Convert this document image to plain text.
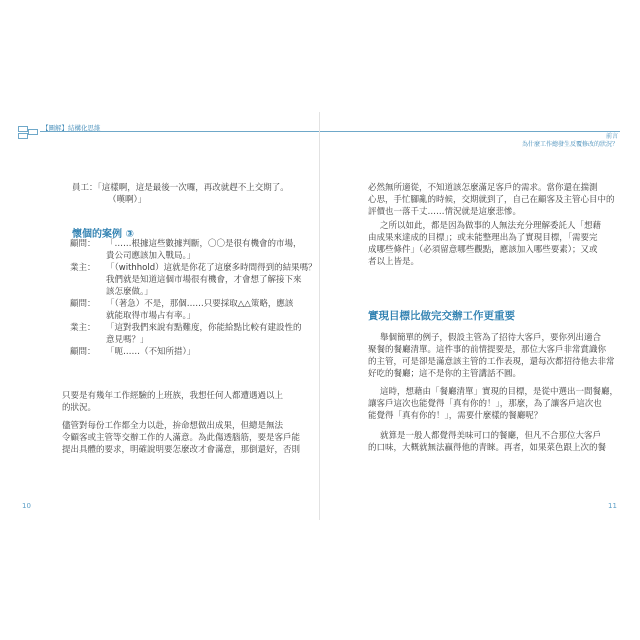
【圖解】結構化思維
員工：「這樣啊，這是最後一次囉，再改就趕不上交期了。
（嘆啊）」
懷個的案例 ③
顧問：	「……根據這些數據判斷，〇〇是很有機會的市場，
貴公司應該加入戰局。」
業主：	「（withhold）這就是你花了這麼多時間得到的結果嗎？
我們就是知道這個市場很有機會，才會想了解接下來
該怎麼做。」
顧問：	「（著急）不是，那個……只要採取△△策略，應該
就能取得市場占有率。」
業主：	「這對我們來說有點難度，你能給點比較有建設性的
意見嗎？」
顧問：	「呃……（不知所措）」
只要是有幾年工作經驗的上班族，我想任何人都遭遇過以上
的狀況。
儘管對每份工作都全力以赴，拚命想做出成果，但總是無法
令顧客或主管等交辦工作的人滿意。為此傷透腦筋，要是客戶能
提出具體的要求，明確說明要怎麼改才會滿意，那倒還好，否則
10
前言
為什麼工作總發生反覆修改的狀況？
必然無所適從，不知道該怎麼滿足客戶的需求。當你還在揣測
心思，手忙腳亂的時候，交期就到了，自己在顧客及主管心目中的
評價也一落千丈……情況就是這麼悲慘。
之所以如此，都是因為做事的人無法充分理解委託人「想藉
由成果來達成的目標」；或未能整理出為了實現目標，「需要完
成哪些條件」（必須留意哪些觀點，應該加入哪些要素）；又或
者以上皆是。
實現目標比做完交辦工作更重要
舉個簡單的例子，假設主管為了招待大客戶，要你列出適合
聚餐的餐廳清單。這件事的前情提要是，那位大客戶非常賞識你
的主管，可是卻是滿意該主管的工作表現，還每次都招待他去非常
好吃的餐廳；這不是你的主管講話不圓。
這時，想藉由「餐廳清單」實現的目標，是從中選出一間餐廳，
讓客戶這次也能覺得「真有你的！」，那麼，為了讓客戶這次也
能覺得「真有你的！」，需要什麼樣的餐廳呢？
就算是一般人都覺得美味可口的餐廳，但凡不合那位大客戶
的口味，大概就無法贏得他的青睞。再者，如果菜色跟上次的餐
11
